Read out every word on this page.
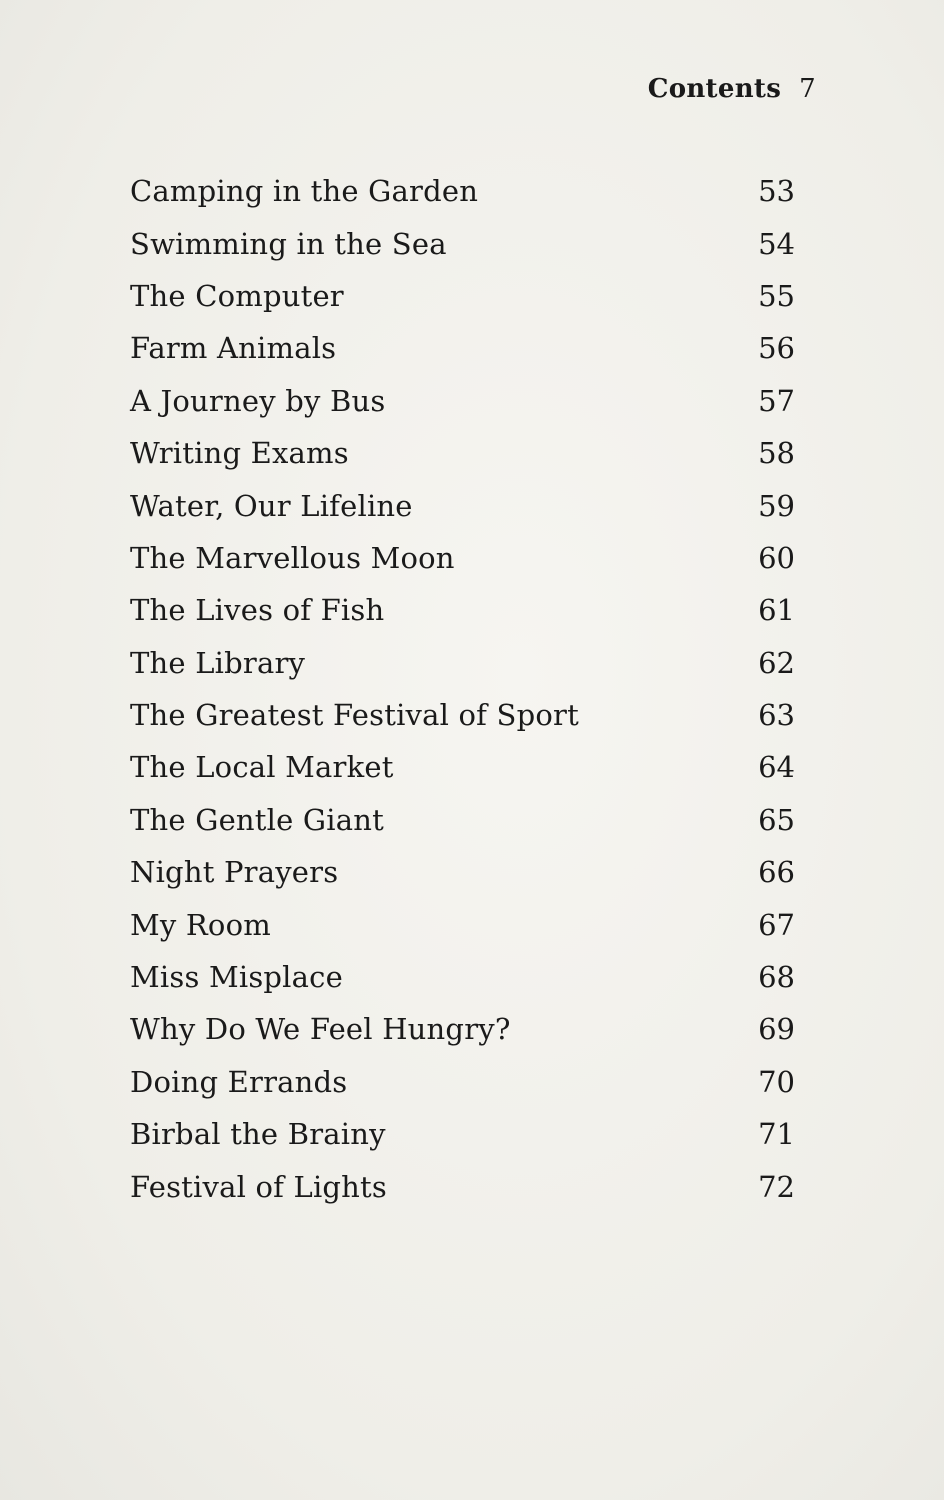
Contents 7
Camping in the Garden	53
Swimming in the Sea	54
The Computer	55
Farm Animals	56
A Journey by Bus	57
Writing Exams	58
Water, Our Lifeline	59
The Marvellous Moon	60
The Lives of Fish	61
The Library	62
The Greatest Festival of Sport	63
The Local Market	64
The Gentle Giant	65
Night Prayers	66
My Room	67
Miss Misplace	68
Why Do We Feel Hungry?	69
Doing Errands	70
Birbal the Brainy	71
Festival of Lights	72
